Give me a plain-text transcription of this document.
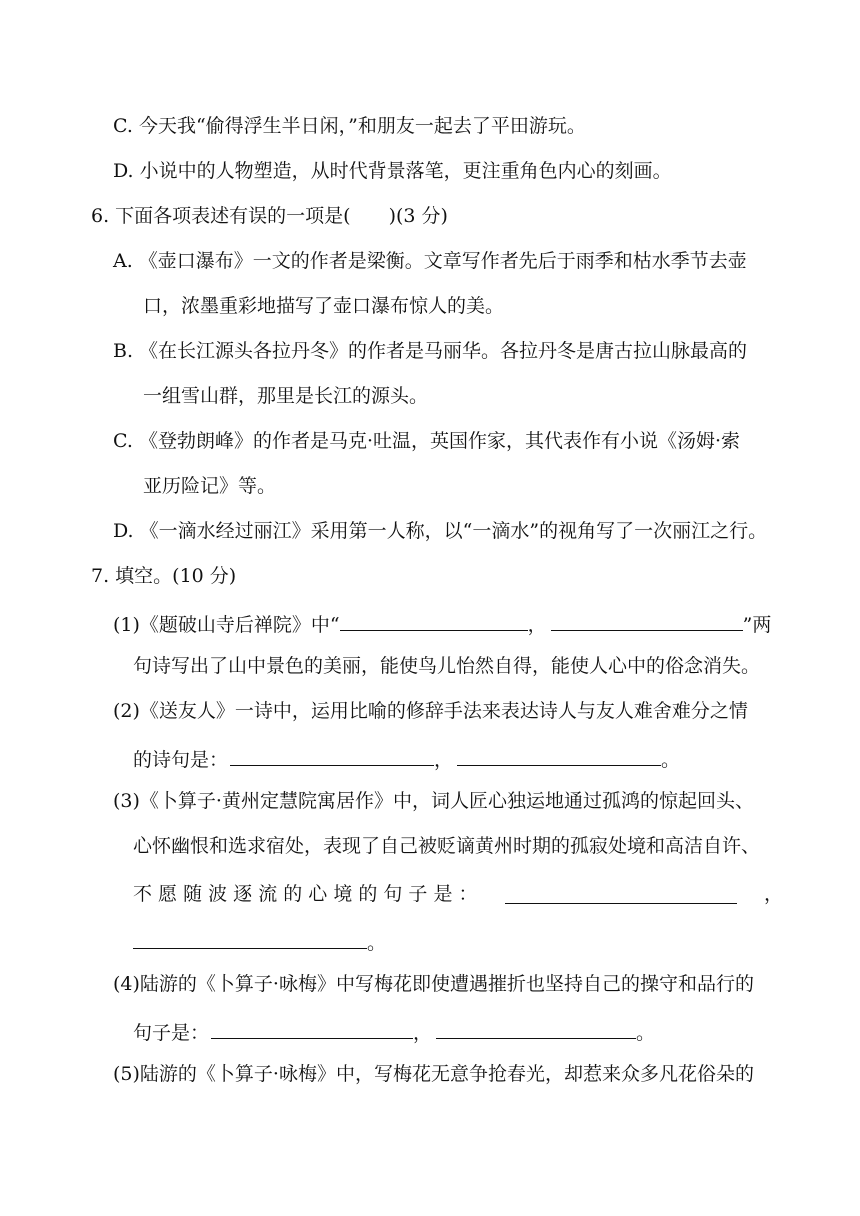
C. 今天我“偷得浮生半日闲，”和朋友一起去了平田游玩。
D. 小说中的人物塑造，从时代背景落笔，更注重角色内心的刻画。
6. 下面各项表述有误的一项是(　　)(3 分)
A. 《壶口瀑布》一文的作者是梁衡。文章写作者先后于雨季和枯水季节去壶
口，浓墨重彩地描写了壶口瀑布惊人的美。
B. 《在长江源头各拉丹冬》的作者是马丽华。各拉丹冬是唐古拉山脉最高的
一组雪山群，那里是长江的源头。
C. 《登勃朗峰》的作者是马克·吐温，英国作家，其代表作有小说《汤姆·索
亚历险记》等。
D. 《一滴水经过丽江》采用第一人称，以“一滴水”的视角写了一次丽江之行。
7. 填空。(10 分)
(1)《题破山寺后禅院》中“	，	”两
句诗写出了山中景色的美丽，能使鸟儿怡然自得，能使人心中的俗念消失。
(2)《送友人》一诗中，运用比喻的修辞手法来表达诗人与友人难舍难分之情
的诗句是：	，	。
(3)《卜算子·黄州定慧院寓居作》中，词人匠心独运地通过孤鸿的惊起回头、
心怀幽恨和选求宿处，表现了自己被贬谪黄州时期的孤寂处境和高洁自许、
不 愿 随 波 逐 流 的 心 境 的 句 子 是 ：	，
。
(4)陆游的《卜算子·咏梅》中写梅花即使遭遇摧折也坚持自己的操守和品行的
句子是：	，	。
(5)陆游的《卜算子·咏梅》中，写梅花无意争抢春光，却惹来众多凡花俗朵的
